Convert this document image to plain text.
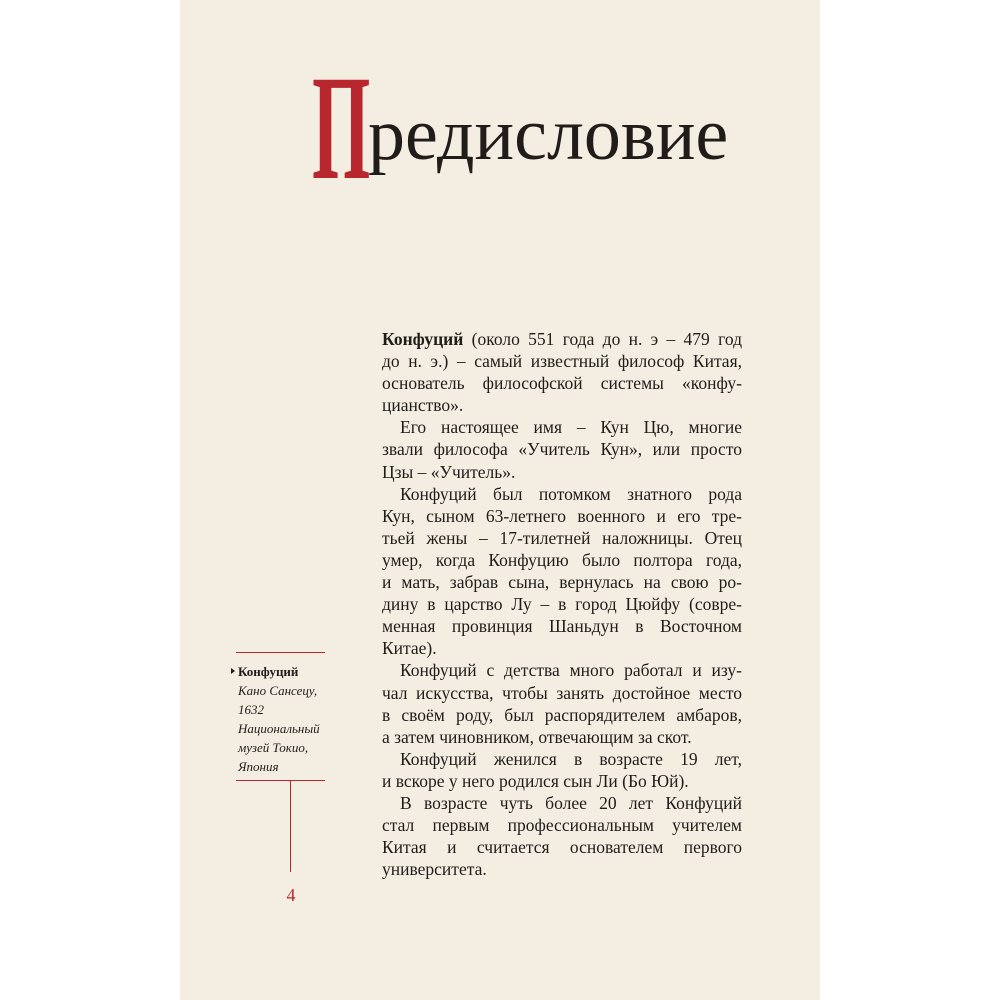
П
редисловие
Конфуций (около 551 года до н. э – 479 год
до н. э.) – самый известный философ Китая,
основатель философской системы «конфу-
цианство».
Его настоящее имя – Кун Цю, многие
звали философа «Учитель Кун», или просто
Цзы – «Учитель».
Конфуций был потомком знатного рода
Кун, сыном 63-летнего военного и его тре-
тьей жены – 17-тилетней наложницы. Отец
умер, когда Конфуцию было полтора года,
и мать, забрав сына, вернулась на свою ро-
дину в царство Лу – в город Цюйфу (совре-
менная провинция Шаньдун в Восточном
Китае).
Конфуций с детства много работал и изу-
чал искусства, чтобы занять достойное место
в своём роду, был распорядителем амбаров,
а затем чиновником, отвечающим за скот.
Конфуций женился в возрасте 19 лет,
и вскоре у него родился сын Ли (Бо Юй).
В возрасте чуть более 20 лет Конфуций
стал первым профессиональным учителем
Китая и считается основателем первого
университета.
Конфуций
Кано Сансецу,
1632
Национальный
музей Токио,
Япония
4
